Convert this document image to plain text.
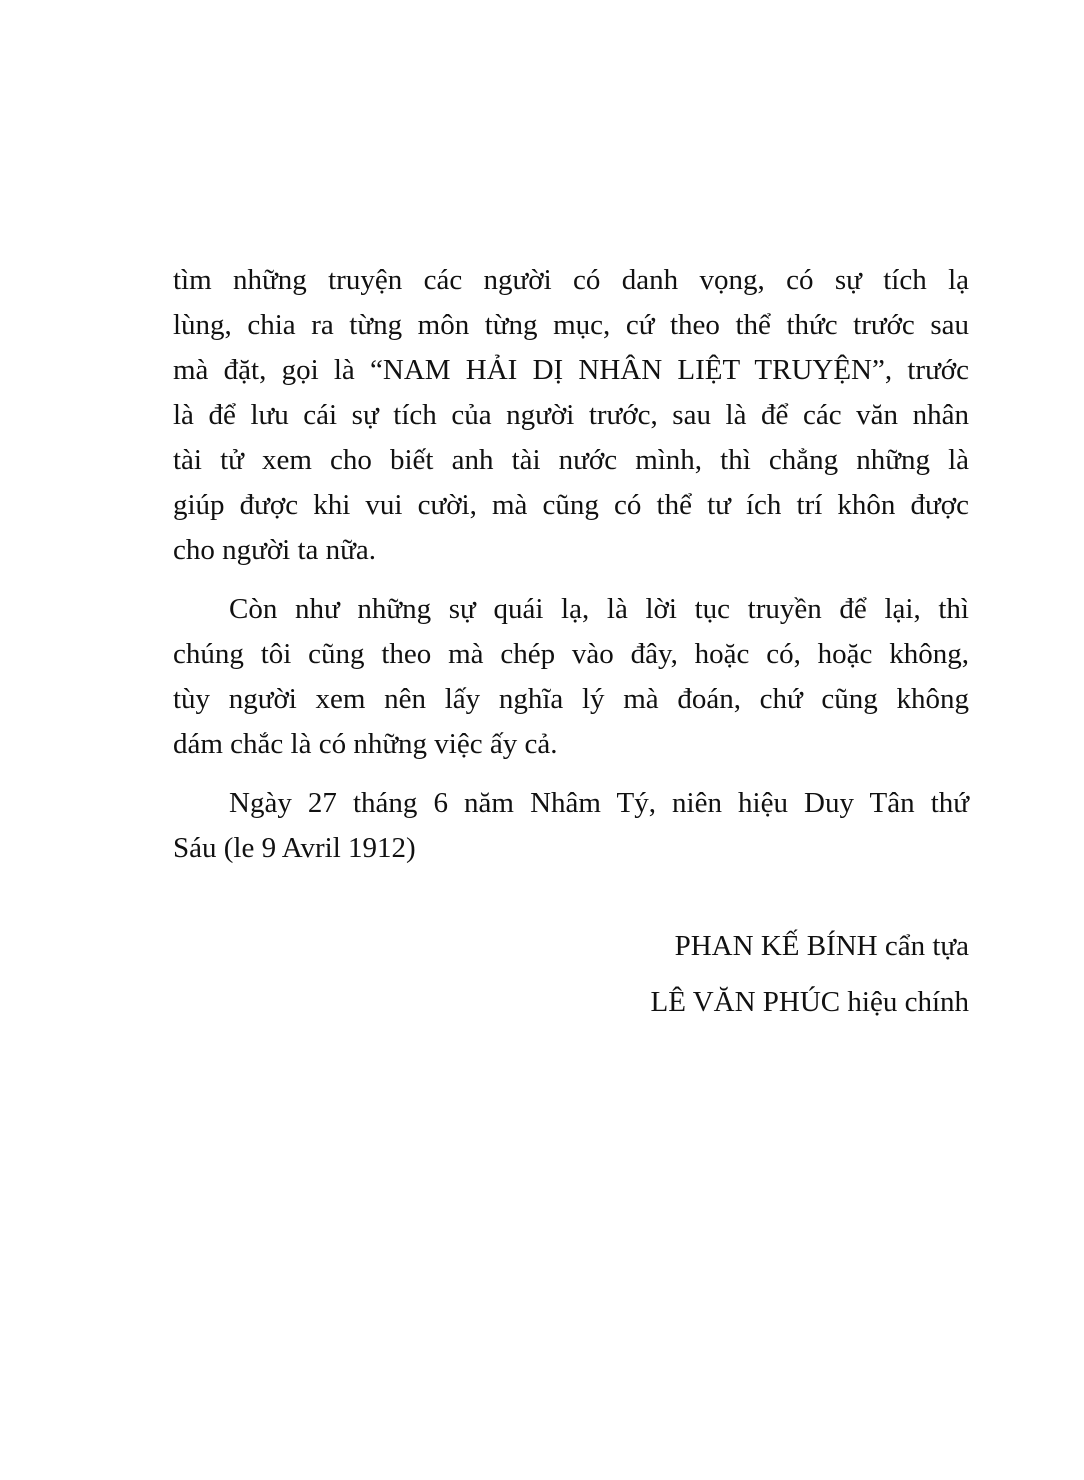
tìm những truyện các người có danh vọng, có sự tích lạ
lùng, chia ra từng môn từng mục, cứ theo thể thức trước sau
mà đặt, gọi là “NAM HẢI DỊ NHÂN LIỆT TRUYỆN”, trước
là để lưu cái sự tích của người trước, sau là để các văn nhân
tài tử xem cho biết anh tài nước mình, thì chẳng những là
giúp được khi vui cười, mà cũng có thể tư ích trí khôn được
cho người ta nữa.
Còn như những sự quái lạ, là lời tục truyền để lại, thì
chúng tôi cũng theo mà chép vào đây, hoặc có, hoặc không,
tùy người xem nên lấy nghĩa lý mà đoán, chứ cũng không
dám chắc là có những việc ấy cả.
Ngày 27 tháng 6 năm Nhâm Tý, niên hiệu Duy Tân thứ
Sáu (le 9 Avril 1912)
PHAN KẾ BÍNH cẩn tựa
LÊ VĂN PHÚC hiệu chính
